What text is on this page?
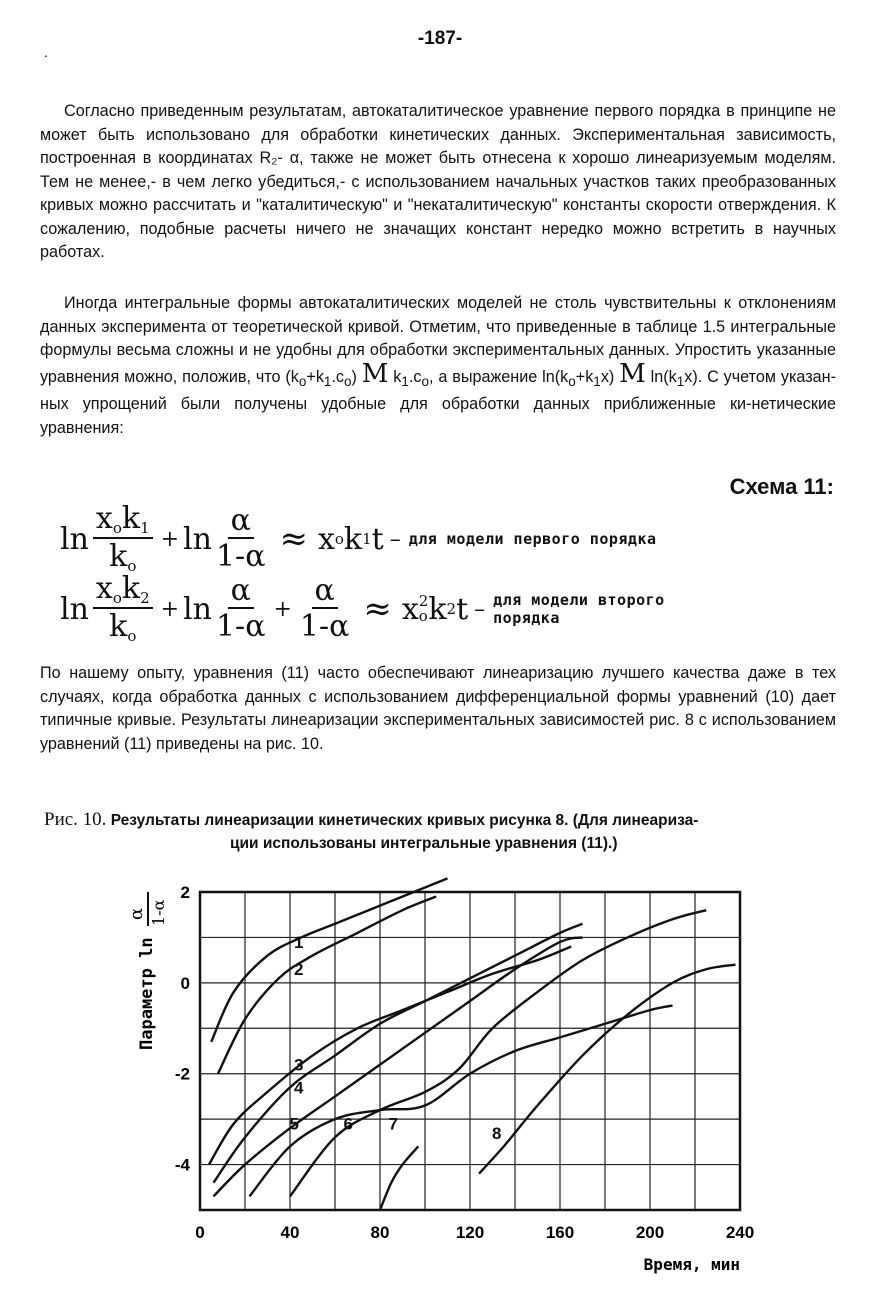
-187-
.

Согласно приведенным результатам, автокаталитическое уравнение первого порядка в принципе не может быть использовано для обработки кинетических данных. Экспериментальная зависимость, построенная в координатах R₂- α, также не может быть отнесена к хорошо линеаризуемым моделям. Тем не менее,- в чем легко убедиться,- с использованием начальных участков таких преобразованных кривых можно рассчитать и "каталитическую" и "некаталитическую" константы скорости отверждения. К сожалению, подобные расчеты ничего не значащих констант нередко можно встретить в научных работах.

Иногда интегральные формы автокаталитических моделей не столь чувствительны к отклонениям данных эксперимента от теоретической кривой. Отметим, что приведенные в таблице 1.5 интегральные формулы весьма сложны и не удобны для обработки экспериментальных данных. Упростить указанные уравнения можно, положив, что $(k_o+k_1.c_o)$ M $k_1.c_o$, а выражение $\ln(k_o+k_1x)$ M $\ln(k_1x)$. С учетом указан-ных упрощений были получены удобные для обработки данных приближенные ки-нетические уравнения:

Схема 11:
$\ln \frac{\text{xok1}}{ko} + \ln \frac{\alpha}{1-\alpha} \approx x$ o k 1 t – для модели первого порядка
$\ln \frac{\text{xok2}}{ko} + \ln \frac{\alpha}{1-\alpha} + \frac{\alpha}{1-\alpha} \approx x$ 2
o k 2 t – для модели второго
порядка

По нашему опыту, уравнения (11) часто обеспечивают линеаризацию лучшего качества даже в тех случаях, когда обработка данных с использованием дифференциальной формы уравнений (10) дает типичные кривые. Результаты линеаризации экспериментальных зависимостей рис. 8 с использованием уравнений (11) приведены на рис. 10.

Рис. 10. Результаты линеаризации кинетических кривых рисунка 8. (Для линеариза-
ции использованы интегральные уравнения (11).)
0	40	80	120	160	200	240
2
0
-2
-4
Время, мин
Параметр ln
α 1-α
1
2
3
4
5	6 7	8
